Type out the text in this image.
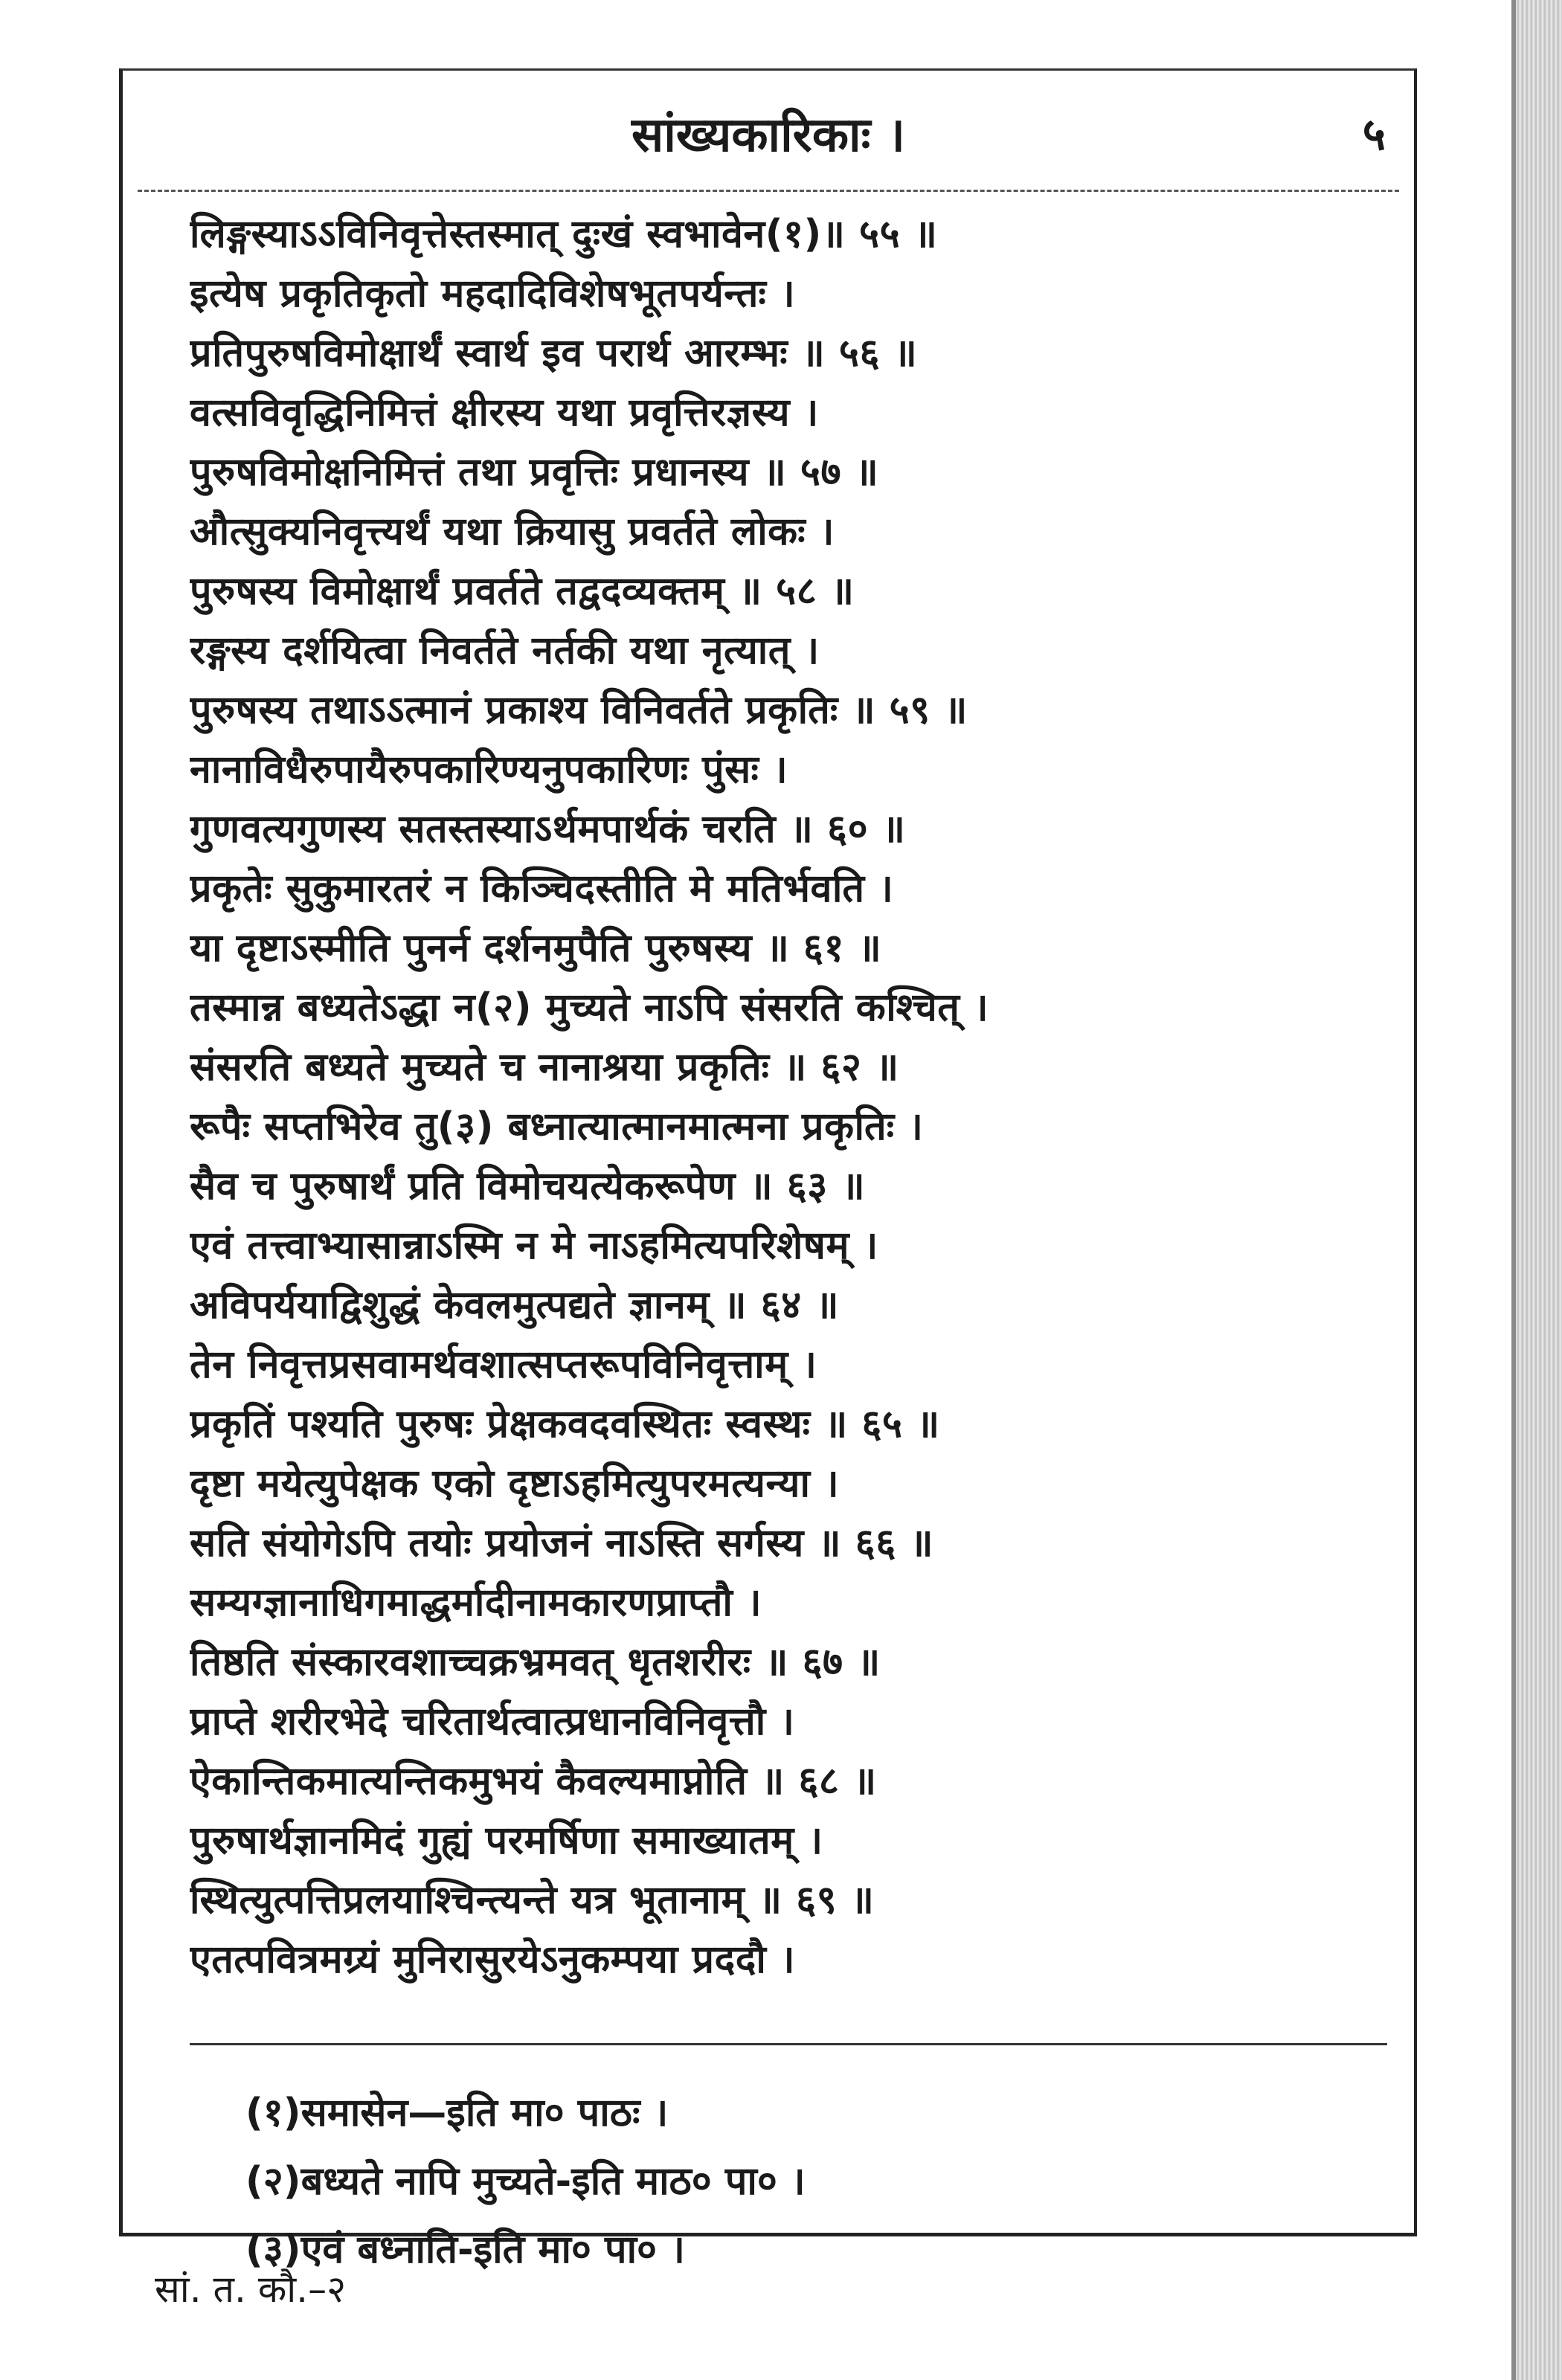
सांख्यकारिकाः ।	५
लिङ्गस्याऽऽविनिवृत्तेस्तस्मात् दुःखं स्वभावेन(१)॥ ५५ ॥
इत्येष प्रकृतिकृतो महदादिविशेषभूतपर्यन्तः ।
प्रतिपुरुषविमोक्षार्थं स्वार्थ इव परार्थ आरम्भः ॥ ५६ ॥
वत्सविवृद्धिनिमित्तं क्षीरस्य यथा प्रवृत्तिरज्ञस्य ।
पुरुषविमोक्षनिमित्तं तथा प्रवृत्तिः प्रधानस्य ॥ ५७ ॥
औत्सुक्यनिवृत्त्यर्थं यथा क्रियासु प्रवर्तते लोकः ।
पुरुषस्य विमोक्षार्थं प्रवर्तते तद्वदव्यक्तम् ॥ ५८ ॥
रङ्गस्य दर्शयित्वा निवर्तते नर्तकी यथा नृत्यात् ।
पुरुषस्य तथाऽऽत्मानं प्रकाश्य विनिवर्तते प्रकृतिः ॥ ५९ ॥
नानाविधैरुपायैरुपकारिण्यनुपकारिणः पुंसः ।
गुणवत्यगुणस्य सतस्तस्याऽर्थमपार्थकं चरति ॥ ६० ॥
प्रकृतेः सुकुमारतरं न किञ्चिदस्तीति मे मतिर्भवति ।
या दृष्टाऽस्मीति पुनर्न दर्शनमुपैति पुरुषस्य ॥ ६१ ॥
तस्मान्न बध्यतेऽद्धा न(२) मुच्यते नाऽपि संसरति कश्चित् ।
संसरति बध्यते मुच्यते च नानाश्रया प्रकृतिः ॥ ६२ ॥
रूपैः सप्तभिरेव तु(३) बध्नात्यात्मानमात्मना प्रकृतिः ।
सैव च पुरुषार्थं प्रति विमोचयत्येकरूपेण ॥ ६३ ॥
एवं तत्त्वाभ्यासान्नाऽस्मि न मे नाऽहमित्यपरिशेषम् ।
अविपर्ययाद्विशुद्धं केवलमुत्पद्यते ज्ञानम् ॥ ६४ ॥
तेन निवृत्तप्रसवामर्थवशात्सप्तरूपविनिवृत्ताम् ।
प्रकृतिं पश्यति पुरुषः प्रेक्षकवदवस्थितः स्वस्थः ॥ ६५ ॥
दृष्टा मयेत्युपेक्षक एको दृष्टाऽहमित्युपरमत्यन्या ।
सति संयोगेऽपि तयोः प्रयोजनं नाऽस्ति सर्गस्य ॥ ६६ ॥
सम्यग्ज्ञानाधिगमाद्धर्मादीनामकारणप्राप्तौ ।
तिष्ठति संस्कारवशाच्चक्रभ्रमवत् धृतशरीरः ॥ ६७ ॥
प्राप्ते शरीरभेदे चरितार्थत्वात्प्रधानविनिवृत्तौ ।
ऐकान्तिकमात्यन्तिकमुभयं कैवल्यमाप्नोति ॥ ६८ ॥
पुरुषार्थज्ञानमिदं गुह्यं परमर्षिणा समाख्यातम् ।
स्थित्युत्पत्तिप्रलयाश्चिन्त्यन्ते यत्र भूतानाम् ॥ ६९ ॥
एतत्पवित्रमग्र्यं मुनिरासुरयेऽनुकम्पया प्रददौ ।
(१)समासेन—इति मा० पाठः ।
(२)बध्यते नापि मुच्यते-इति माठ० पा० ।
(३)एवं बध्नाति-इति मा० पा० ।
सां. त. कौ.–२
